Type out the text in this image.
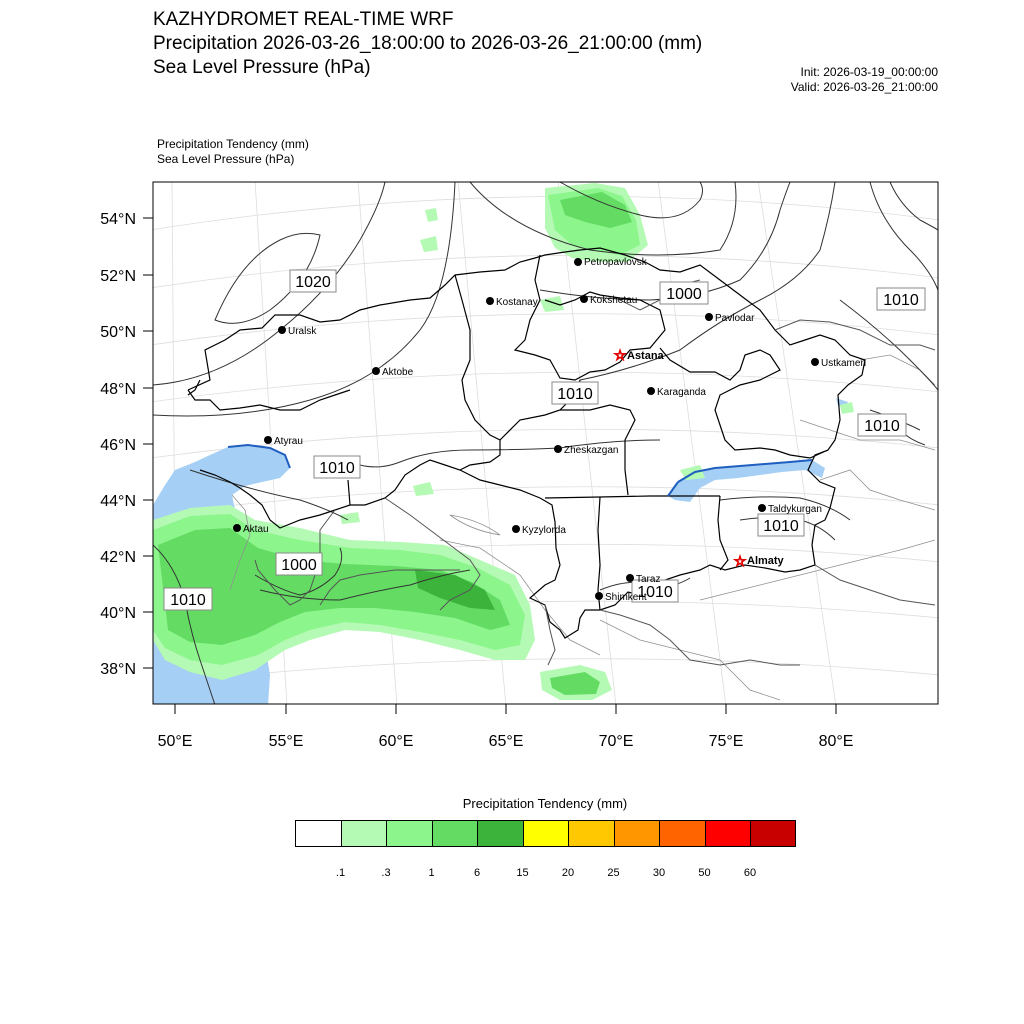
KAZHYDROMET REAL-TIME WRF
Precipitation 2026-03-26_18:00:00 to 2026-03-26_21:00:00 (mm)
Sea Level Pressure (hPa)	Init: 2026-03-19_00:00:00
Valid: 2026-03-26_21:00:00
Precipitation Tendency (mm)
Sea Level Pressure (hPa)
54°N
52°N
50°N
48°N
46°N
44°N
42°N
40°N
38°N
50°E	55°E	60°E	65°E	70°E	75°E	80°E
1020
1000	1010
1010
1010
1010
1010
1000
1010
1010
Petropavlovsk
Kostanay	Kokshetau
Pavlodar
Uralsk
☆ Astana
Aktobe
Ustkamen
Karaganda
Atyrau
Zheskazgan
Taldykurgan
Aktau	Kyzylorda
☆ Almaty
Taraz
Shimkent
Precipitation Tendency (mm)
.1	.3	1	6	15	20	25	30	50	60
